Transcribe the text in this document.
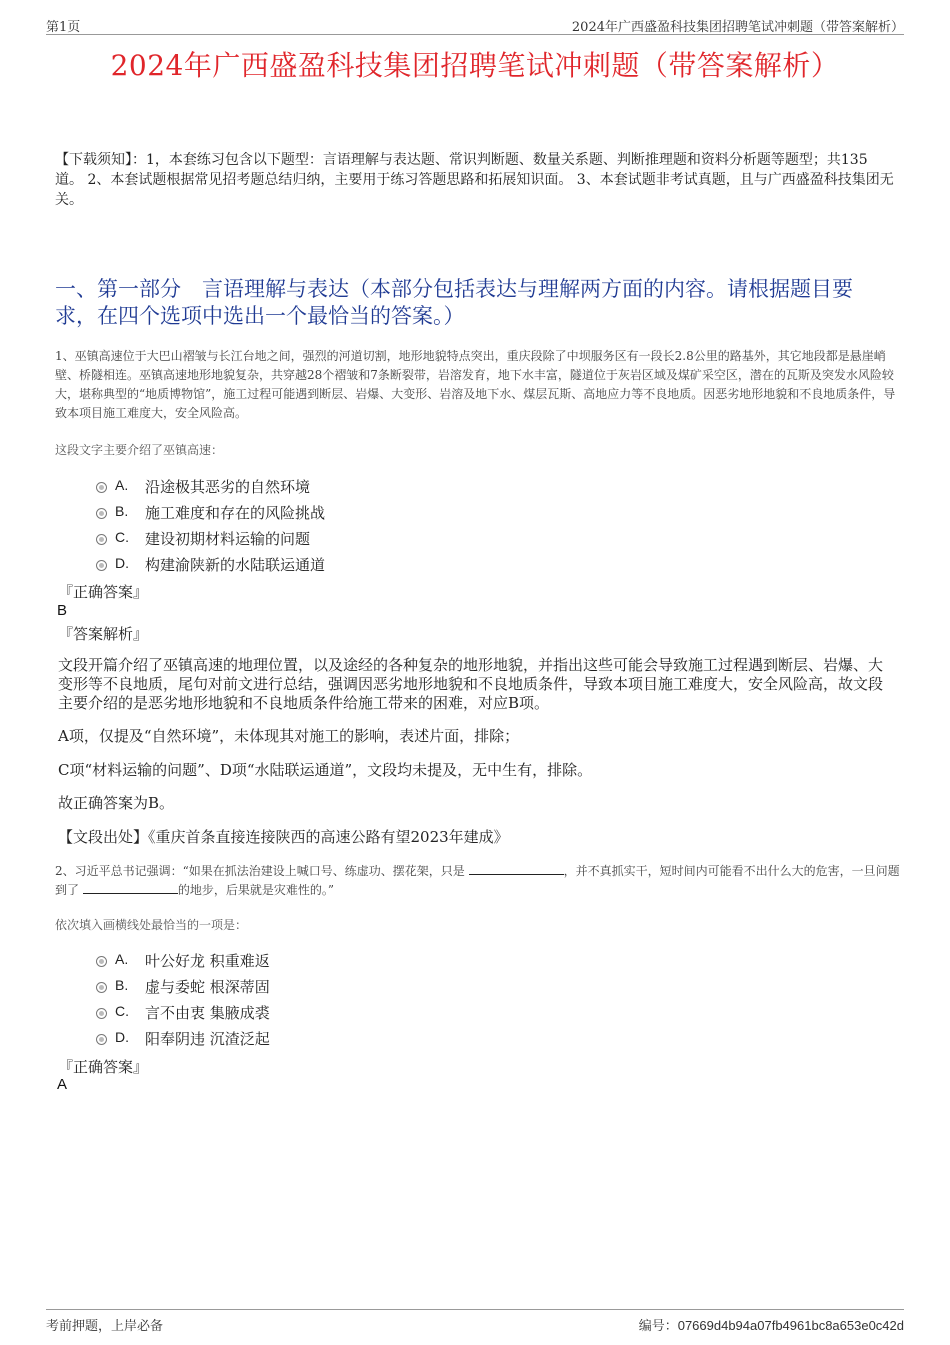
第1页	2024年广西盛盈科技集团招聘笔试冲刺题（带答案解析）
2024年广西盛盈科技集团招聘笔试冲刺题（带答案解析）
【下载须知】：1，本套练习包含以下题型：言语理解与表达题、常识判断题、数量关系题、判断推理题和资料分析题等题型；共135道。 2、本套试题根据常见招考题总结归纳，主要用于练习答题思路和拓展知识面。 3、本套试题非考试真题，且与广西盛盈科技集团无关。
一、第一部分　言语理解与表达（本部分包括表达与理解两方面的内容。请根据题目要求，在四个选项中选出一个最恰当的答案。）
1、巫镇高速位于大巴山褶皱与长江台地之间，强烈的河道切割，地形地貌特点突出，重庆段除了中坝服务区有一段长2.8公里的路基外，其它地段都是悬崖峭壁、桥隧相连。巫镇高速地形地貌复杂，共穿越28个褶皱和7条断裂带，岩溶发育，地下水丰富，隧道位于灰岩区域及煤矿采空区，潜在的瓦斯及突发水风险较大，堪称典型的“地质博物馆”，施工过程可能遇到断层、岩爆、大变形、岩溶及地下水、煤层瓦斯、高地应力等不良地质。因恶劣地形地貌和不良地质条件，导致本项目施工难度大，安全风险高。
这段文字主要介绍了巫镇高速：
A. 沿途极其恶劣的自然环境
B. 施工难度和存在的风险挑战
C. 建设初期材料运输的问题
D. 构建渝陕新的水陆联运通道
『正确答案』
B
『答案解析』
文段开篇介绍了巫镇高速的地理位置，以及途经的各种复杂的地形地貌，并指出这些可能会导致施工过程遇到断层、岩爆、大变形等不良地质，尾句对前文进行总结，强调因恶劣地形地貌和不良地质条件，导致本项目施工难度大，安全风险高，故文段主要介绍的是恶劣地形地貌和不良地质条件给施工带来的困难，对应B项。
A项，仅提及“自然环境”，未体现其对施工的影响，表述片面，排除；
C项“材料运输的问题”、D项“水陆联运通道”，文段均未提及，无中生有，排除。
故正确答案为B。
【文段出处】《重庆首条直接连接陕西的高速公路有望2023年建成》
2、习近平总书记强调：“如果在抓法治建设上喊口号、练虚功、摆花架，只是	，并不真抓实干，短时间内可能看不出什么大的危害，一旦问题到了	的地步，后果就是灾难性的。”
依次填入画横线处最恰当的一项是：
A. 叶公好龙 积重难返
B. 虚与委蛇 根深蒂固
C. 言不由衷 集腋成裘
D. 阳奉阴违 沉渣泛起
『正确答案』
A
考前押题，上岸必备	编号：07669d4b94a07fb4961bc8a653e0c42d
